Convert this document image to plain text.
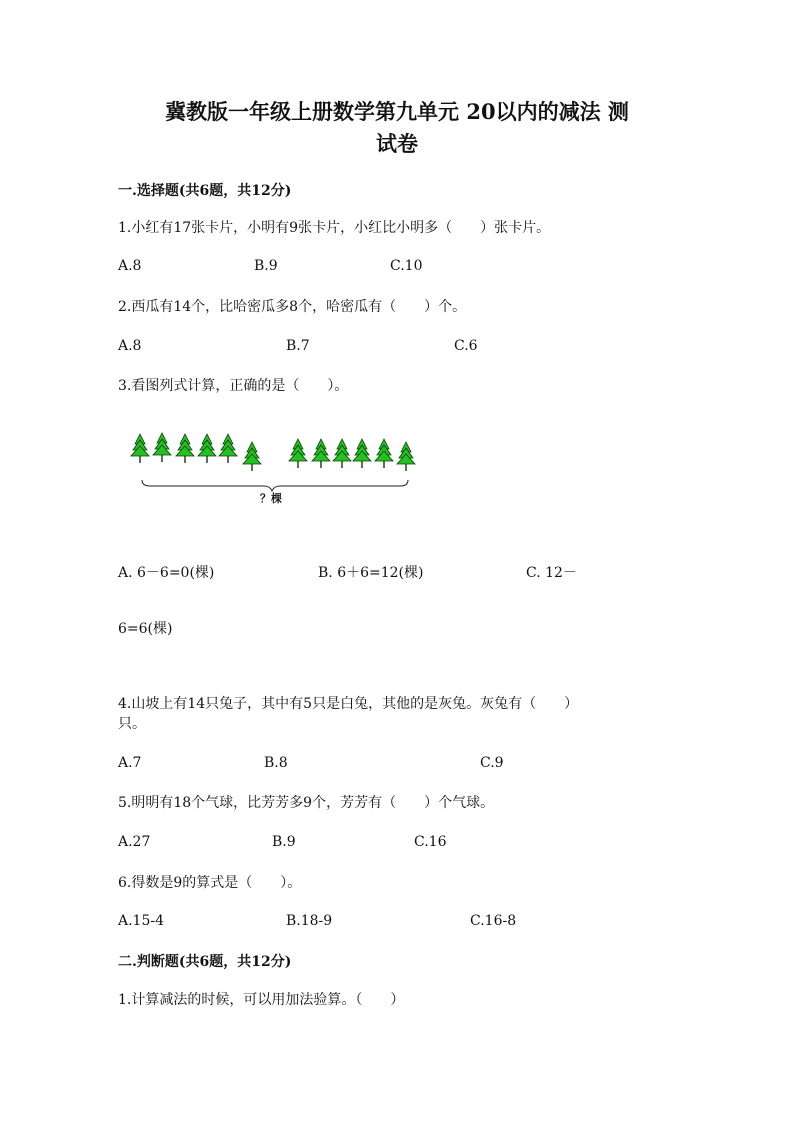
冀教版一年级上册数学第九单元 20以内的减法 测
试卷
一.选择题(共6题，共12分)
1.小红有17张卡片，小明有9张卡片，小红比小明多（　　）张卡片。
A.8	B.9	C.10
2.西瓜有14个，比哈密瓜多8个，哈密瓜有（　　）个。
A.8	B.7	C.6
3.看图列式计算，正确的是（　　）。
？棵
A. 6－6=0(棵)	B. 6＋6=12(棵)	C. 12－
6=6(棵)
4.山坡上有14只兔子，其中有5只是白兔，其他的是灰兔。灰兔有（　　）
只。
A.7	B.8	C.9
5.明明有18个气球，比芳芳多9个，芳芳有（　　）个气球。
A.27	B.9	C.16
6.得数是9的算式是（　　）。
A.15-4	B.18-9	C.16-8
二.判断题(共6题，共12分)
1.计算减法的时候，可以用加法验算。（　　）
